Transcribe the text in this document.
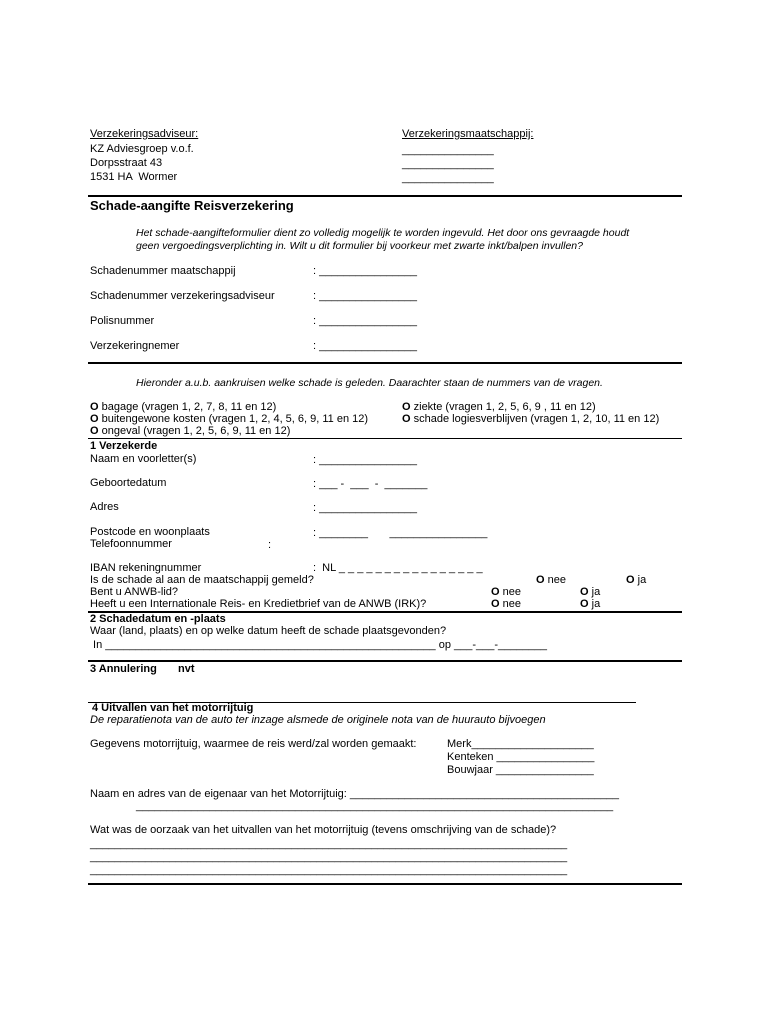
Verzekeringsadviseur:
KZ Adviesgroep v.o.f.
Dorpsstraat 43
1531 HA  Wormer
Verzekeringsmaatschappij:
_______________
_______________
_______________
Schade-aangifte Reisverzekering
Het schade-aangifteformulier dient zo volledig mogelijk te worden ingevuld. Het door ons gevraagde houdt
geen vergoedingsverplichting in. Wilt u dit formulier bij voorkeur met zwarte inkt/balpen invullen?
Schadenummer maatschappij	: ________________
Schadenummer verzekeringsadviseur	: ________________
Polisnummer	: ________________
Verzekeringnemer	: ________________
Hieronder a.u.b. aankruisen welke schade is geleden. Daarachter staan de nummers van de vragen.
O bagage (vragen 1, 2, 7, 8, 11 en 12)
O buitengewone kosten (vragen 1, 2, 4, 5, 6, 9, 11 en 12)
O ongeval (vragen 1, 2, 5, 6, 9, 11 en 12)
O ziekte (vragen 1, 2, 5, 6, 9 , 11 en 12)
O schade logiesverblijven (vragen 1, 2, 10, 11 en 12)
1 Verzekerde
Naam en voorletter(s)	: ________________
Geboortedatum	: ___ -  ___  -  _______
Adres	: ________________
Postcode en woonplaats	: ________       ________________
Telefoonnummer	:
IBAN rekeningnummer	:  NL _ _ _ _ _ _ _ _ _ _ _ _ _ _ _ _
Is de schade al aan de maatschappij gemeld?	O nee	O ja
Bent u ANWB-lid?	O nee	O ja
Heeft u een Internationale Reis- en Kredietbrief van de ANWB (IRK)?	O nee	O ja
2 Schadedatum en -plaats
Waar (land, plaats) en op welke datum heeft de schade plaatsgevonden?
In ______________________________________________________ op ___-___-________
3 Annulering nvt
4 Uitvallen van het motorrijtuig
De reparatienota van de auto ter inzage alsmede de originele nota van de huurauto bijvoegen
Gegevens motorrijtuig, waarmee de reis werd/zal worden gemaakt:	Merk____________________
Kenteken ________________
Bouwjaar ________________
Naam en adres van de eigenaar van het Motorrijtuig: ____________________________________________
______________________________________________________________________________
Wat was de oorzaak van het uitvallen van het motorrijtuig (tevens omschrijving van de schade)?
______________________________________________________________________________
______________________________________________________________________________
______________________________________________________________________________
